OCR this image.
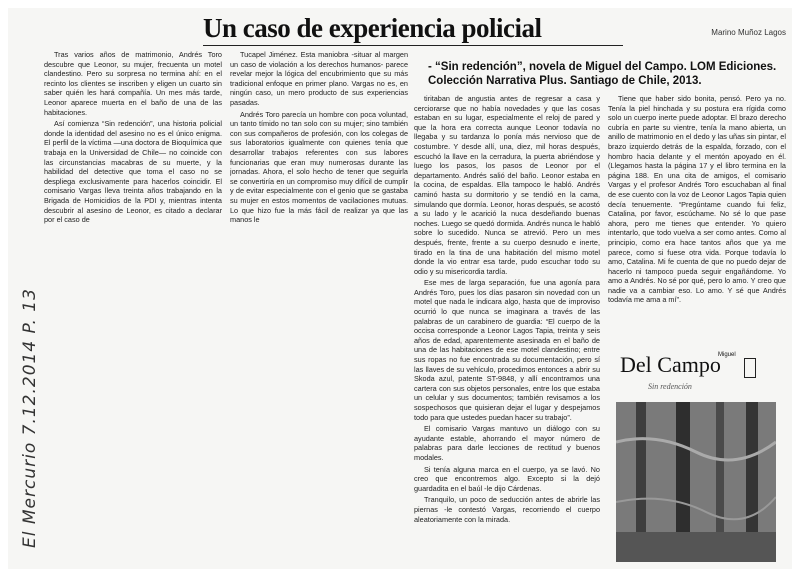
El Mercurio 7.12.2014 P. 13
Un caso de experiencia policial	Marino Muñoz Lagos

Tras varios años de matrimonio, Andrés Toro descubre que Leonor, su mujer, frecuenta un motel clandestino. Pero su sorpresa no termina ahí: en el recinto los clientes se inscriben y eligen un cuarto sin saber quién les hará compañía. Un mes más tarde, Leonor aparece muerta en el baño de una de las habitaciones.

Así comienza “Sin redención”, una historia policial donde la identidad del asesino no es el único enigma. El perfil de la víctima —una doctora de Bioquímica que trabaja en la Universidad de Chile— no coincide con las circunstancias macabras de su muerte, y la habilidad del detective que toma el caso no se despliega exclusivamente para hacerlos coincidir. El comisario Vargas lleva treinta años trabajando en la Brigada de Homicidios de la PDI y, mientras intenta descubrir al asesino de Leonor, es citado a declarar por el caso de

Tucapel Jiménez. Esta maniobra -situar al margen un caso de violación a los derechos humanos- parece revelar mejor la lógica del encubrimiento que su más tradicional enfoque en primer plano. Vargas no es, en ningún caso, un mero producto de sus experiencias pasadas.

Andrés Toro parecía un hombre con poca voluntad, un tanto tímido no tan solo con su mujer; sino también con sus compañeros de profesión, con los colegas de sus laboratorios igualmente con quienes tenía que desarrollar trabajos referentes con sus labores funcionarias que eran muy numerosas durante las jornadas. Ahora, el solo hecho de tener que seguirla se convertiría en un compromiso muy difícil de cumplir y de evitar especialmente con el genio que se gastaba su mujer en estos momentos de vacilaciones mutuas. Lo que hizo fue la más fácil de realizar ya que las manos le

- “Sin redención”, novela de Miguel del Campo. LOM Ediciones. Colección Narrativa Plus. Santiago de Chile, 2013.

tiritaban de angustia antes de regresar a casa y cerciorarse que no había novedades y que las cosas estaban en su lugar, especialmente el reloj de pared y que la hora era correcta aunque Leonor todavía no llegaba y su tardanza lo ponía más nervioso que de costumbre. Y desde allí, una, diez, mil horas después, escuchó la llave en la cerradura, la puerta abriéndose y luego los pasos, los pasos de Leonor por el departamento. Andrés salió del baño. Leonor estaba en la cocina, de espaldas. Ella tampoco le habló. Andrés caminó hasta su dormitorio y se tendió en la cama, simulando que dormía. Leonor, horas después, se acostó a su lado y le acarició la nuca desdeñando buenas noches. Luego se quedó dormida. Andrés nunca le habló sobre lo sucedido. Nunca se atrevió. Pero un mes después, frente, frente a su cuerpo desnudo e inerte, tirado en la tina de una habitación del mismo motel donde la vio entrar esa tarde, pudo escuchar todo su odio y su misericordia tardía.

Ese mes de larga separación, fue una agonía para Andrés Toro, pues los días pasaron sin novedad con un motel que nada le indicara algo, hasta que de improviso ocurrió lo que nunca se imaginara a través de las palabras de un carabinero de guardia: “El cuerpo de la occisa corresponde a Leonor Lagos Tapia, treinta y seis años de edad, aparentemente asesinada en el baño de una de las habitaciones de ese motel clandestino; entre sus ropas no fue encontrada su documentación, pero sí las llaves de su vehículo, procedimos entonces a abrir su Skoda azul, patente ST-9848, y allí encontramos una cartera con sus objetos personales, entre los que estaba un celular y sus documentos; también revisamos a los sospechosos que quisieran dejar el lugar y despejamos todo para que ustedes puedan hacer su trabajo”.

El comisario Vargas mantuvo un diálogo con su ayudante estable, ahorrando el mayor número de palabras para darle lecciones de rectitud y buenos modales.

Si tenía alguna marca en el cuerpo, ya se lavó. No creo que encontremos algo. Excepto si la dejó guardadita en el baúl -le dijo Cárdenas.

Tranquilo, un poco de seducción antes de abrirle las piernas -le contestó Vargas, recorriendo el cuerpo aleatoriamente con la mirada.

Tiene que haber sido bonita, pensó. Pero ya no. Tenía la piel hinchada y su postura era rígida como solo un cuerpo inerte puede adoptar. El brazo derecho cubría en parte su vientre, tenía la mano abierta, un anillo de matrimonio en el dedo y las uñas sin pintar, el brazo izquierdo detrás de la espalda, forzado, con el hombro hacia delante y el mentón apoyado en él. (Llegamos hasta la página 17 y el libro termina en la página 188. En una cita de amigos, el comisario Vargas y el profesor Andrés Toro escuchaban al final de ese cuento con la voz de Leonor Lagos Tapia quien decía tenuemente. “Pregúntame cuando fui feliz, Catalina, por favor, escúchame. No sé lo que pase ahora, pero me tienes que entender. Yo quiero intentarlo, que todo vuelva a ser como antes. Como al principio, como era hace tantos años que ya me parece, como si fuese otra vida. Porque todavía lo amo, Catalina. Mi fe cuenta de que no puedo dejar de hacerlo ni tampoco pueda seguir engañándome. Yo amo a Andrés. No sé por qué, pero lo amo. Y creo que nadie va a cambiar eso. Lo amo. Y sé que Andrés todavía me ama a mí”.

Del Campo
Miguel
Sin redención
